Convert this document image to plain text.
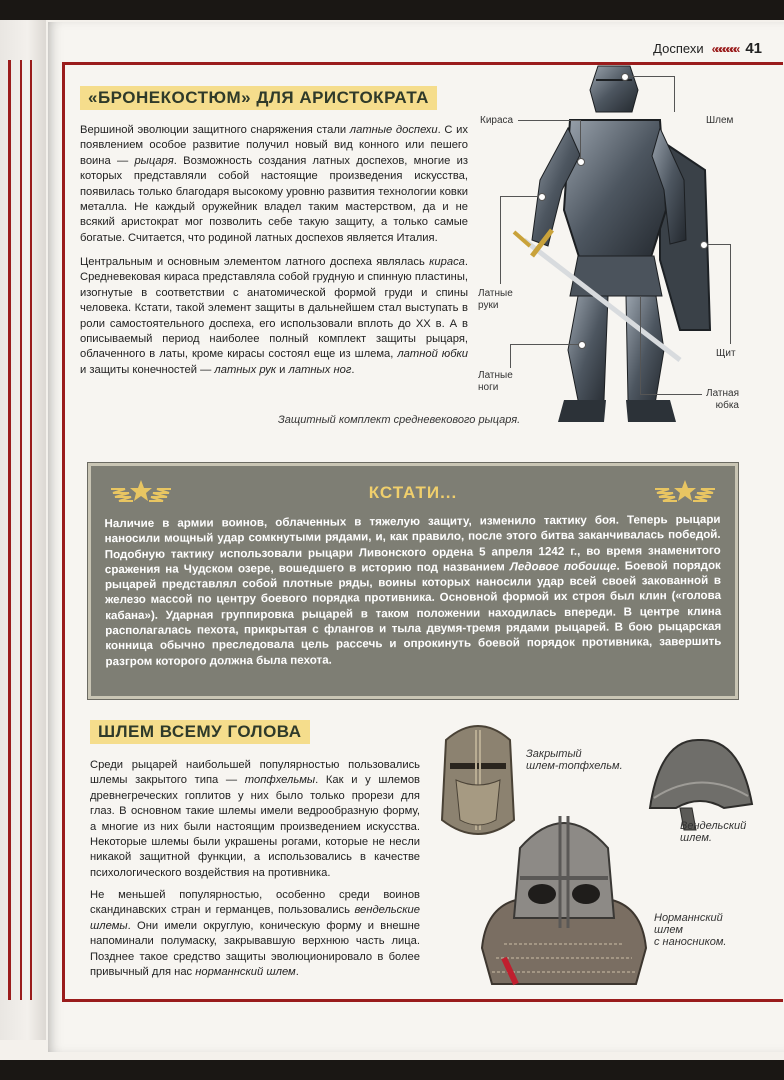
Доспехи ««««««« 41
«БРОНЕКОСТЮМ» ДЛЯ АРИСТОКРАТА

Вершиной эволюции защитного снаряжения стали латные доспехи. С их появлением особое развитие получил новый вид конного или пешего воина — рыцаря. Возможность создания латных доспехов, многие из которых представляли собой настоящие произведения искусства, появилась только благодаря высокому уровню развития технологии ковки металла. Не каждый оружейник владел таким мастерством, да и не всякий аристократ мог позволить себе такую защиту, а только самые богатые. Считается, что родиной латных доспехов является Италия.

Центральным и основным элементом латного доспеха являлась кираса. Средневековая кираса представляла собой грудную и спинную пластины, изогнутые в соответствии с анатомической формой груди и спины человека. Кстати, такой элемент защиты в дальнейшем стал выступать в роли самостоятельного доспеха, его использовали вплоть до XX в. А в описываемый период наиболее полный комплект защиты рыцаря, облаченного в латы, кроме кирасы состоял еще из шлема, латной юбки и защиты конечностей — латных рук и латных ног.

Кираса	Шлем
Латные
руки
Щит
Латные
ноги
Латная
юбка
Защитный комплект средневекового рыцаря.
КСТАТИ...

Наличие в армии воинов, облаченных в тяжелую защиту, изменило тактику боя. Теперь рыцари наносили мощный удар сомкнутыми рядами, и, как правило, после этого битва заканчивалась победой. Подобную тактику использовали рыцари Ливонского ордена 5 апреля 1242 г., во время знаменитого сражения на Чудском озере, вошедшего в историю под названием Ледовое побоище. Боевой порядок рыцарей представлял собой плотные ряды, воины которых наносили удар всей своей закованной в железо массой по центру боевого порядка противника. Основной формой их строя был клин («голова кабана»). Ударная группировка рыцарей в таком положении находилась впереди. В центре клина располагалась пехота, прикрытая с флангов и тыла двумя-тремя рядами рыцарей. В бою рыцарская конница обычно преследовала цель рассечь и опрокинуть боевой порядок противника, завершить разгром которого должна была пехота.

ШЛЕМ ВСЕМУ ГОЛОВА

Среди рыцарей наибольшей популярностью пользовались шлемы закрытого типа — топфхельмы. Как и у шлемов древнегреческих гоплитов у них было только прорези для глаз. В основном такие шлемы имели ведрообразную форму, а многие из них были настоящим произведением искусства. Некоторые шлемы были украшены рогами, которые не несли никакой защитной функции, а использовались в качестве психологического воздействия на противника.

Не меньшей популярностью, особенно среди воинов скандинавских стран и германцев, пользовались вендельские шлемы. Они имели округлую, коническую форму и внешне напоминали полумаску, закрывавшую верхнюю часть лица. Позднее такое средство защиты эволюционировало в более привычный для нас норманнский шлем.

Закрытый
шлем-топфхельм.
Вендельский
шлем.
Норманнский
шлем
с наносником.
